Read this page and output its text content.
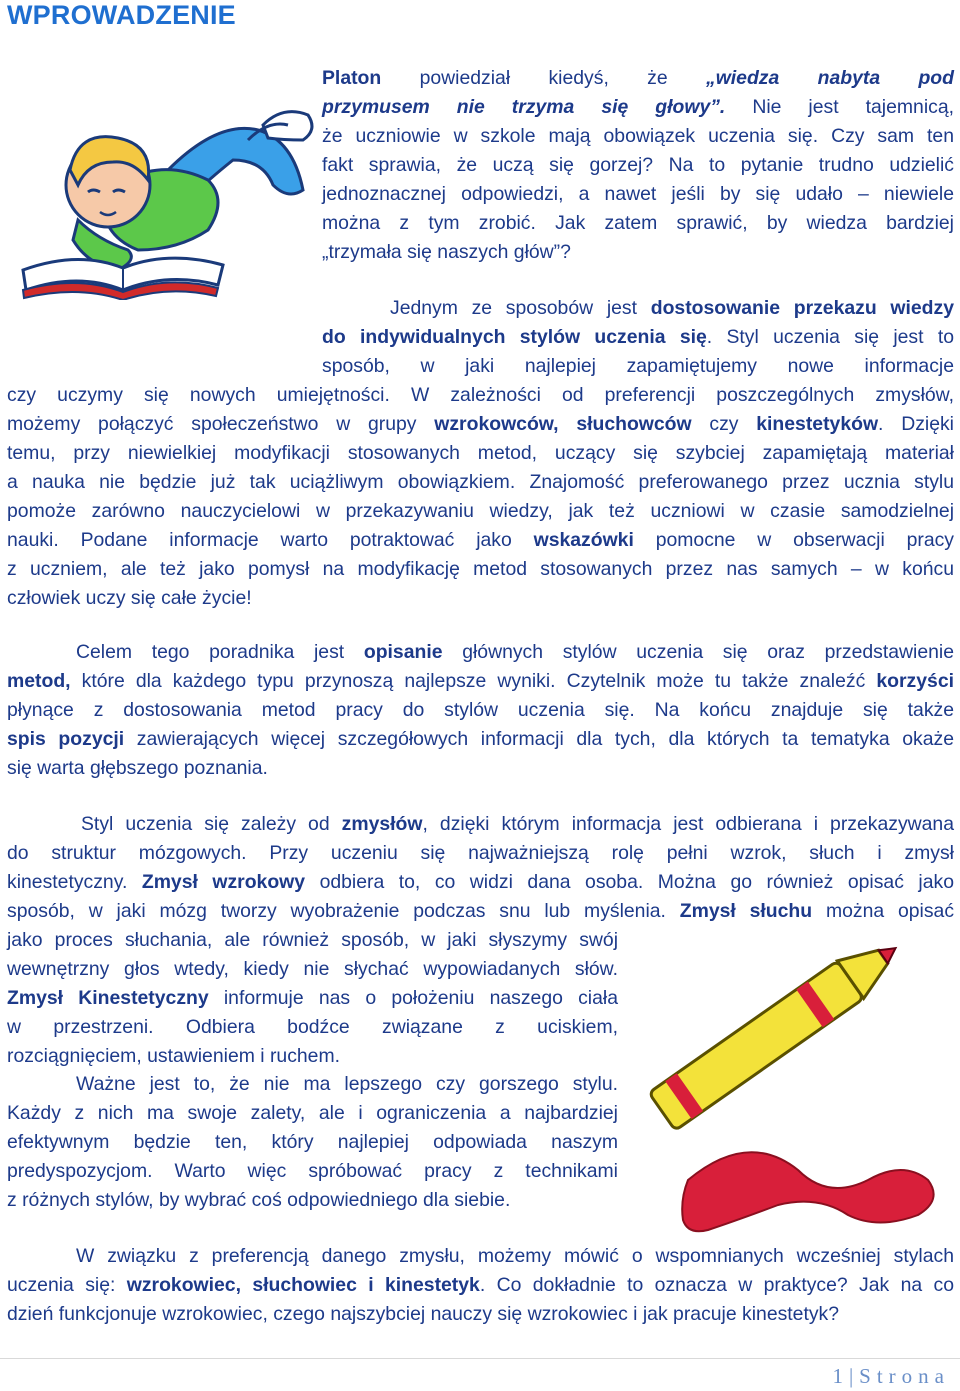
WPROWADZENIE
Platon powiedział kiedyś, że „wiedza nabyta pod
przymusem nie trzyma się głowy”. Nie jest tajemnicą,
że uczniowie w szkole mają obowiązek uczenia się. Czy sam ten
fakt sprawia, że uczą się gorzej? Na to pytanie trudno udzielić
jednoznacznej odpowiedzi, a nawet jeśli by się udało – niewiele
można z tym zrobić. Jak zatem sprawić, by wiedza bardziej
„trzymała się naszych głów”?
Jednym ze sposobów jest dostosowanie przekazu wiedzy
do indywidualnych stylów uczenia się. Styl uczenia się jest to
sposób, w jaki najlepiej zapamiętujemy nowe informacje
czy uczymy się nowych umiejętności. W zależności od preferencji poszczególnych zmysłów,
możemy połączyć społeczeństwo w grupy wzrokowców, słuchowców czy kinestetyków. Dzięki
temu, przy niewielkiej modyfikacji stosowanych metod, uczący się szybciej zapamiętają materiał
a nauka nie będzie już tak uciążliwym obowiązkiem. Znajomość preferowanego przez ucznia stylu
pomoże zarówno nauczycielowi w przekazywaniu wiedzy, jak też uczniowi w czasie samodzielnej
nauki. Podane informacje warto potraktować jako wskazówki pomocne w obserwacji pracy
z uczniem, ale też jako pomysł na modyfikację metod stosowanych przez nas samych – w końcu
człowiek uczy się całe życie!
Celem tego poradnika jest opisanie głównych stylów uczenia się oraz przedstawienie
metod, które dla każdego typu przynoszą najlepsze wyniki. Czytelnik może tu także znaleźć korzyści
płynące z dostosowania metod pracy do stylów uczenia się. Na końcu znajduje się także
spis pozycji zawierających więcej szczegółowych informacji dla tych, dla których ta tematyka okaże
się warta głębszego poznania.
Styl uczenia się zależy od zmysłów, dzięki którym informacja jest odbierana i przekazywana
do struktur mózgowych. Przy uczeniu się najważniejszą rolę pełni wzrok, słuch i zmysł
kinestetyczny. Zmysł wzrokowy odbiera to, co widzi dana osoba. Można go również opisać jako
sposób, w jaki mózg tworzy wyobrażenie podczas snu lub myślenia. Zmysł słuchu można opisać
jako proces słuchania, ale również sposób, w jaki słyszymy swój
wewnętrzny głos wtedy, kiedy nie słychać wypowiadanych słów.
Zmysł Kinestetyczny informuje nas o położeniu naszego ciała
w przestrzeni. Odbiera bodźce związane z uciskiem,
rozciągnięciem, ustawieniem i ruchem.
Ważne jest to, że nie ma lepszego czy gorszego stylu.
Każdy z nich ma swoje zalety, ale i ograniczenia a najbardziej
efektywnym będzie ten, który najlepiej odpowiada naszym
predyspozycjom. Warto więc spróbować pracy z technikami
z różnych stylów, by wybrać coś odpowiedniego dla siebie.
W związku z preferencją danego zmysłu, możemy mówić o wspomnianych wcześniej stylach
uczenia się: wzrokowiec, słuchowiec i kinestetyk. Co dokładnie to oznacza w praktyce? Jak na co
dzień funkcjonuje wzrokowiec, czego najszybciej nauczy się wzrokowiec i jak pracuje kinestetyk?
1|Strona
